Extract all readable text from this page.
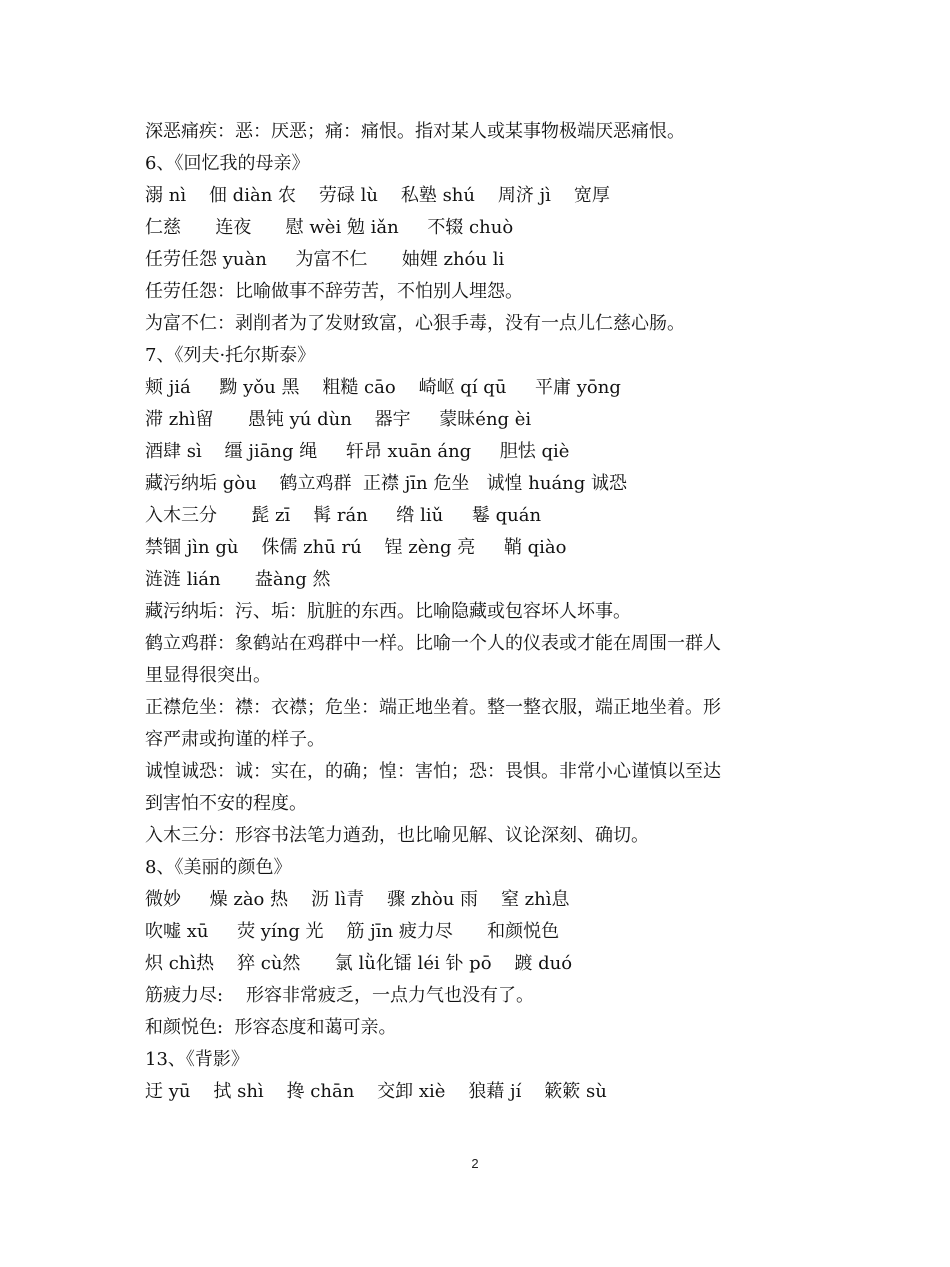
深恶痛疾：恶：厌恶；痛：痛恨。指对某人或某事物极端厌恶痛恨。
6、《回忆我的母亲》
溺 nì    佃 diàn 农    劳碌 lù    私塾 shú    周济 jì    宽厚
仁慈      连夜      慰 wèi 勉 iǎn     不辍 chuò
任劳任怨 yuàn     为富不仁      妯娌 zhóu li
任劳任怨：比喻做事不辞劳苦，不怕别人埋怨。
为富不仁：剥削者为了发财致富，心狠手毒，没有一点儿仁慈心肠。
7、《列夫·托尔斯泰》
颊 jiá     黝 yǒu 黑    粗糙 cāo    崎岖 qí qū     平庸 yōng
滞 zhì留      愚钝 yú dùn    器宇     蒙昧éng èi
酒肆 sì    缰 jiāng 绳     轩昂 xuān áng     胆怯 qiè
藏污纳垢 gòu    鹤立鸡群  正襟 jīn 危坐   诚惶 huáng 诚恐
入木三分      髭 zī    髯 rán     绺 liǔ     鬈 quán
禁锢 jìn gù    侏儒 zhū rú    锃 zèng 亮     鞘 qiào
涟涟 lián      盎àng 然
藏污纳垢：污、垢：肮脏的东西。比喻隐藏或包容坏人坏事。
鹤立鸡群：象鹤站在鸡群中一样。比喻一个人的仪表或才能在周围一群人
里显得很突出。
正襟危坐：襟：衣襟；危坐：端正地坐着。整一整衣服，端正地坐着。形
容严肃或拘谨的样子。
诚惶诚恐：诚：实在，的确；惶：害怕；恐：畏惧。非常小心谨慎以至达
到害怕不安的程度。
入木三分：形容书法笔力遒劲，也比喻见解、议论深刻、确切。
8、《美丽的颜色》
微妙     燥 zào 热    沥 lì青    骤 zhòu 雨    窒 zhì息
吹嘘 xū     荧 yíng 光    筋 jīn 疲力尽      和颜悦色
炽 chì热    猝 cù然      氯 lǜ化镭 léi 钋 pō    踱 duó
筋疲力尽:    形容非常疲乏，一点力气也没有了。
和颜悦色:  形容态度和蔼可亲。
13、《背影》
迂 yū    拭 shì    搀 chān    交卸 xiè    狼藉 jí    簌簌 sù
2
